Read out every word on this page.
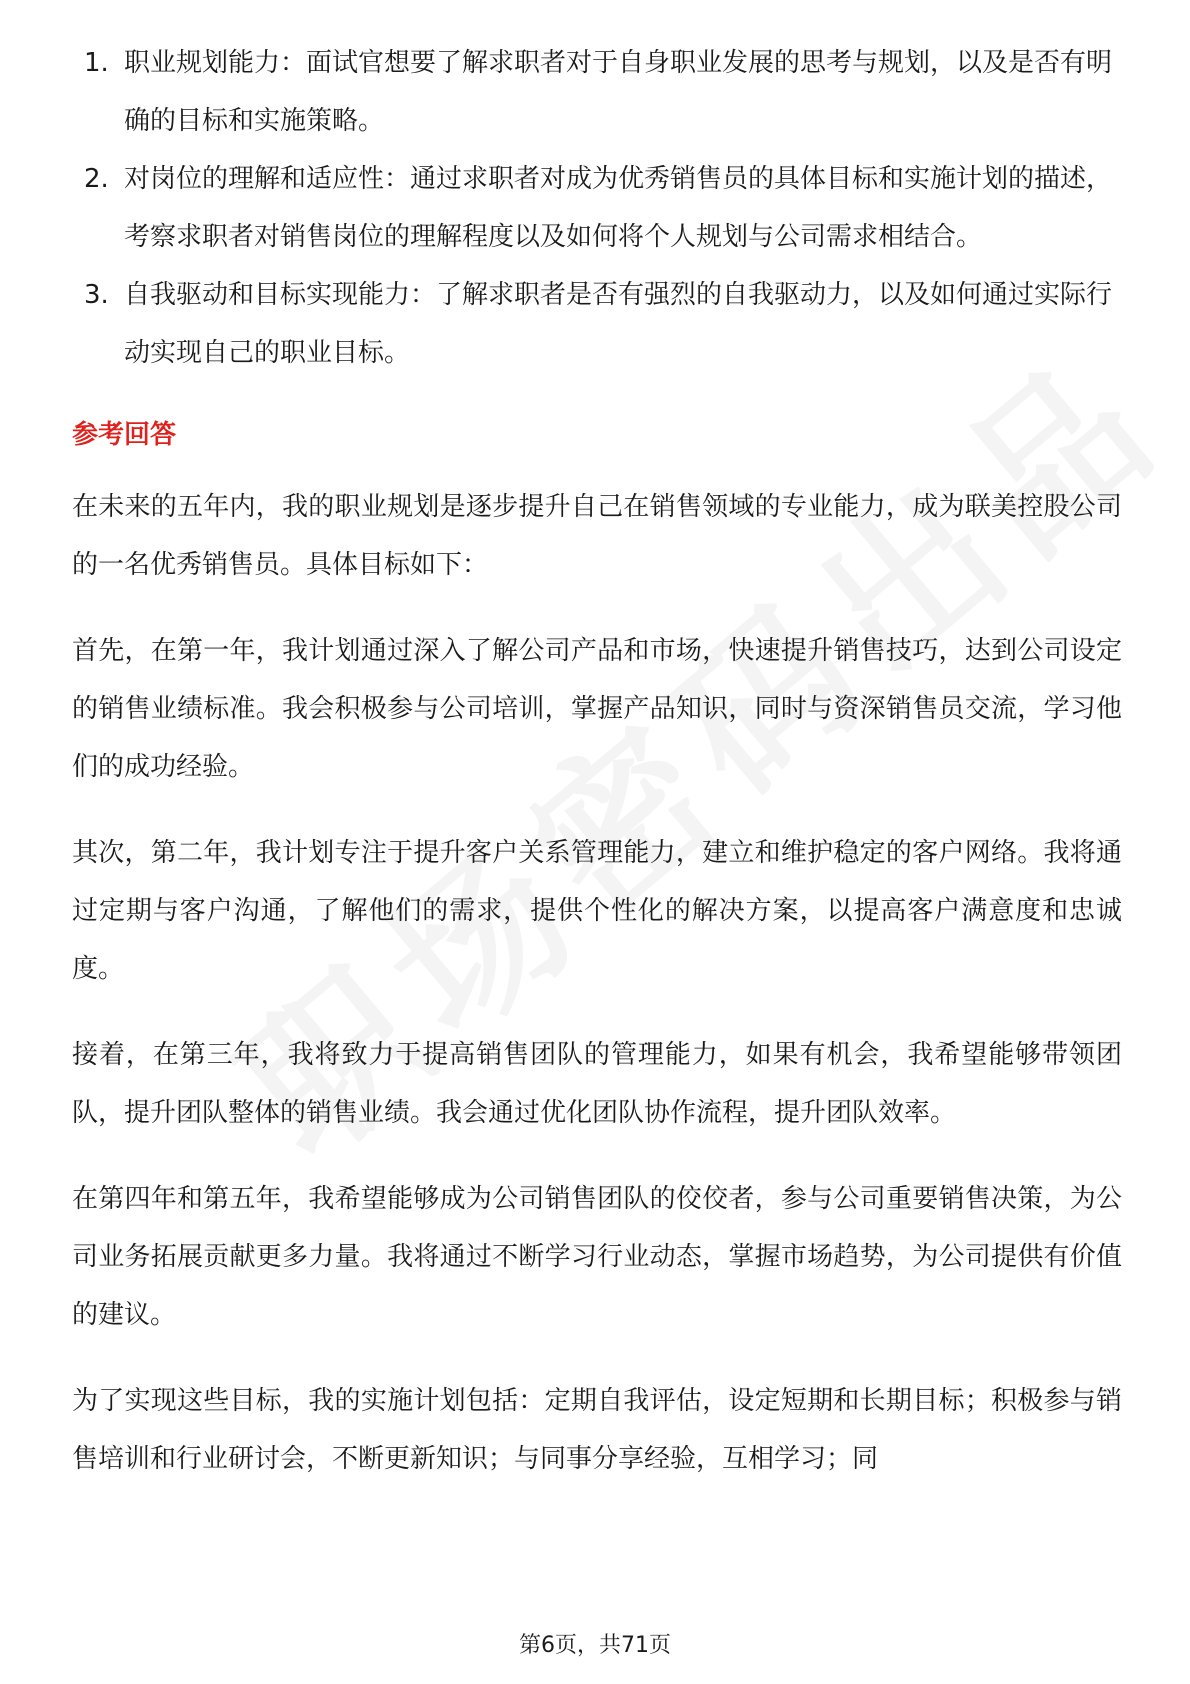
1. 职业规划能力：面试官想要了解求职者对于自身职业发展的思考与规划，以及是否有明确的目标和实施策略。
2. 对岗位的理解和适应性：通过求职者对成为优秀销售员的具体目标和实施计划的描述，考察求职者对销售岗位的理解程度以及如何将个人规划与公司需求相结合。
3. 自我驱动和目标实现能力：了解求职者是否有强烈的自我驱动力，以及如何通过实际行动实现自己的职业目标。
参考回答

在未来的五年内，我的职业规划是逐步提升自己在销售领域的专业能力，成为联美控股公司的一名优秀销售员。具体目标如下：

首先，在第一年，我计划通过深入了解公司产品和市场，快速提升销售技巧，达到公司设定的销售业绩标准。我会积极参与公司培训，掌握产品知识，同时与资深销售员交流，学习他们的成功经验。

其次，第二年，我计划专注于提升客户关系管理能力，建立和维护稳定的客户网络。我将通过定期与客户沟通，了解他们的需求，提供个性化的解决方案，以提高客户满意度和忠诚度。

接着，在第三年，我将致力于提高销售团队的管理能力，如果有机会，我希望能够带领团队，提升团队整体的销售业绩。我会通过优化团队协作流程，提升团队效率。

在第四年和第五年，我希望能够成为公司销售团队的佼佼者，参与公司重要销售决策，为公司业务拓展贡献更多力量。我将通过不断学习行业动态，掌握市场趋势，为公司提供有价值的建议。

为了实现这些目标，我的实施计划包括：定期自我评估，设定短期和长期目标；积极参与销售培训和行业研讨会，不断更新知识；与同事分享经验，互相学习；同

第6页，共71页
